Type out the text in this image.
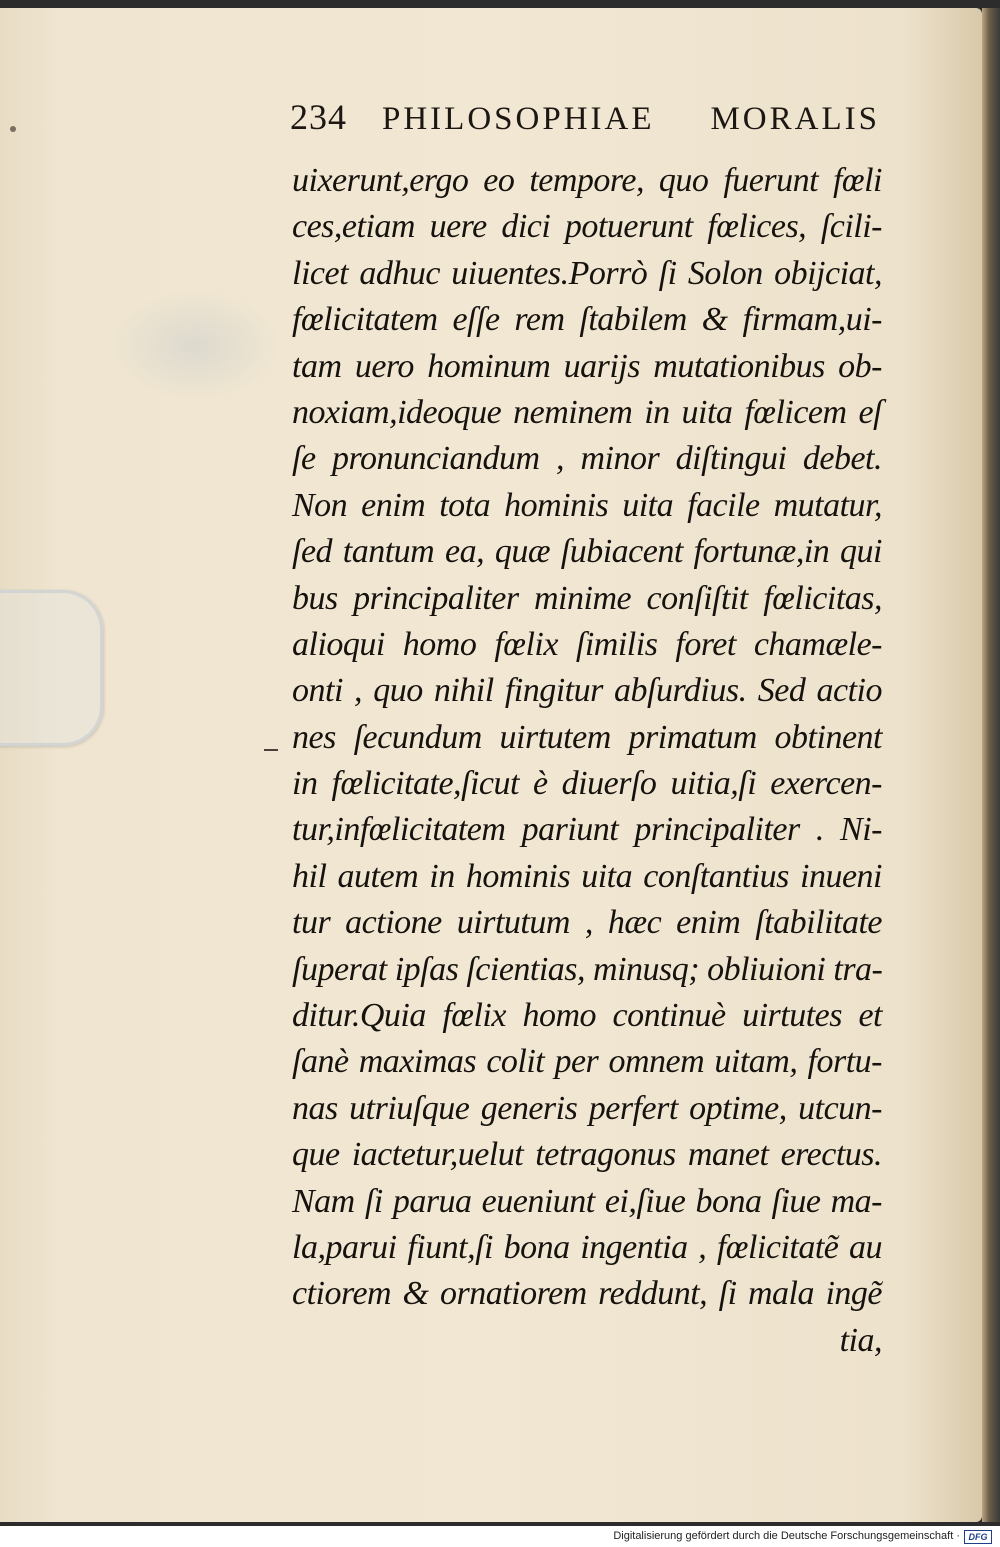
234	PHILOSOPHIAE MORALIS
uixerunt,ergo eo tempore, quo fuerunt fœli
ces,etiam uere dici potuerunt fœlices, ſcili-
licet adhuc uiuentes.Porrò ſi Solon obijciat,
fœlicitatem eſſe rem ſtabilem & firmam,ui-
tam uero hominum uarijs mutationibus ob-
noxiam,ideoque neminem in uita fœlicem eſ
ſe pronunciandum , minor diſtingui debet.
Non enim tota hominis uita facile mutatur,
ſed tantum ea, quæ ſubiacent fortunæ,in qui
bus principaliter minime conſiſtit fœlicitas,
alioqui homo fœlix ſimilis foret chamæle-
onti , quo nihil fingitur abſurdius. Sed actio
nes ſecundum uirtutem primatum obtinent
in fœlicitate,ſicut è diuerſo uitia,ſi exercen-
tur,infœlicitatem pariunt principaliter . Ni-
hil autem in hominis uita conſtantius inueni
tur actione uirtutum , hæc enim ſtabilitate
ſuperat ipſas ſcientias, minusq; obliuioni tra-
ditur.Quia fœlix homo continuè uirtutes et
ſanè maximas colit per omnem uitam, fortu-
nas utriuſque generis perfert optime, utcun-
que iactetur,uelut tetragonus manet erectus.
Nam ſi parua eueniunt ei,ſiue bona ſiue ma-
la,parui fiunt,ſi bona ingentia , fœlicitatẽ au
ctiorem & ornatiorem reddunt, ſi mala ingẽ
tia,
Digitalisierung gefördert durch die Deutsche Forschungsgemeinschaft · DFG
